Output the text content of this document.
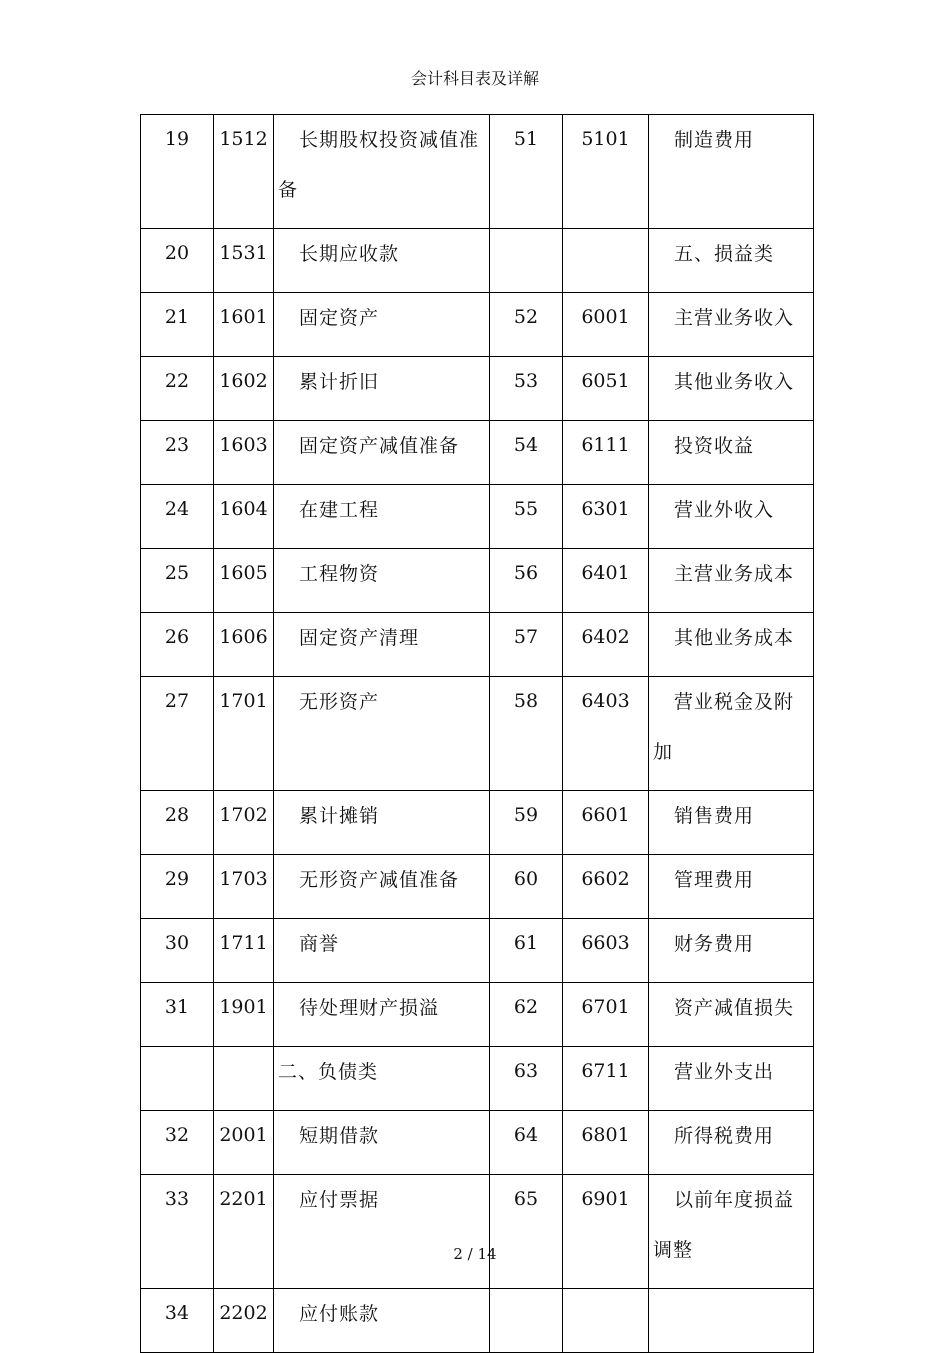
会计科目表及详解
19	1512	长期股权投资减值准备	51	5101	制造费用

20	1531	长期应收款			五、损益类

21	1601	固定资产	52	6001	主营业务收入

22	1602	累计折旧	53	6051	其他业务收入

23	1603	固定资产减值准备	54	6111	投资收益

24	1604	在建工程	55	6301	营业外收入

25	1605	工程物资	56	6401	主营业务成本

26	1606	固定资产清理	57	6402	其他业务成本

27	1701	无形资产	58	6403	营业税金及附加

28	1702	累计摊销	59	6601	销售费用

29	1703	无形资产减值准备	60	6602	管理费用

30	1711	商誉	61	6603	财务费用

31	1901	待处理财产损溢	62	6701	资产减值损失

		二、负债类	63	6711	营业外支出

32	2001	短期借款	64	6801	所得税费用

33	2201	应付票据	65	6901	以前年度损益调整

34	2202	应付账款			

2 / 14
